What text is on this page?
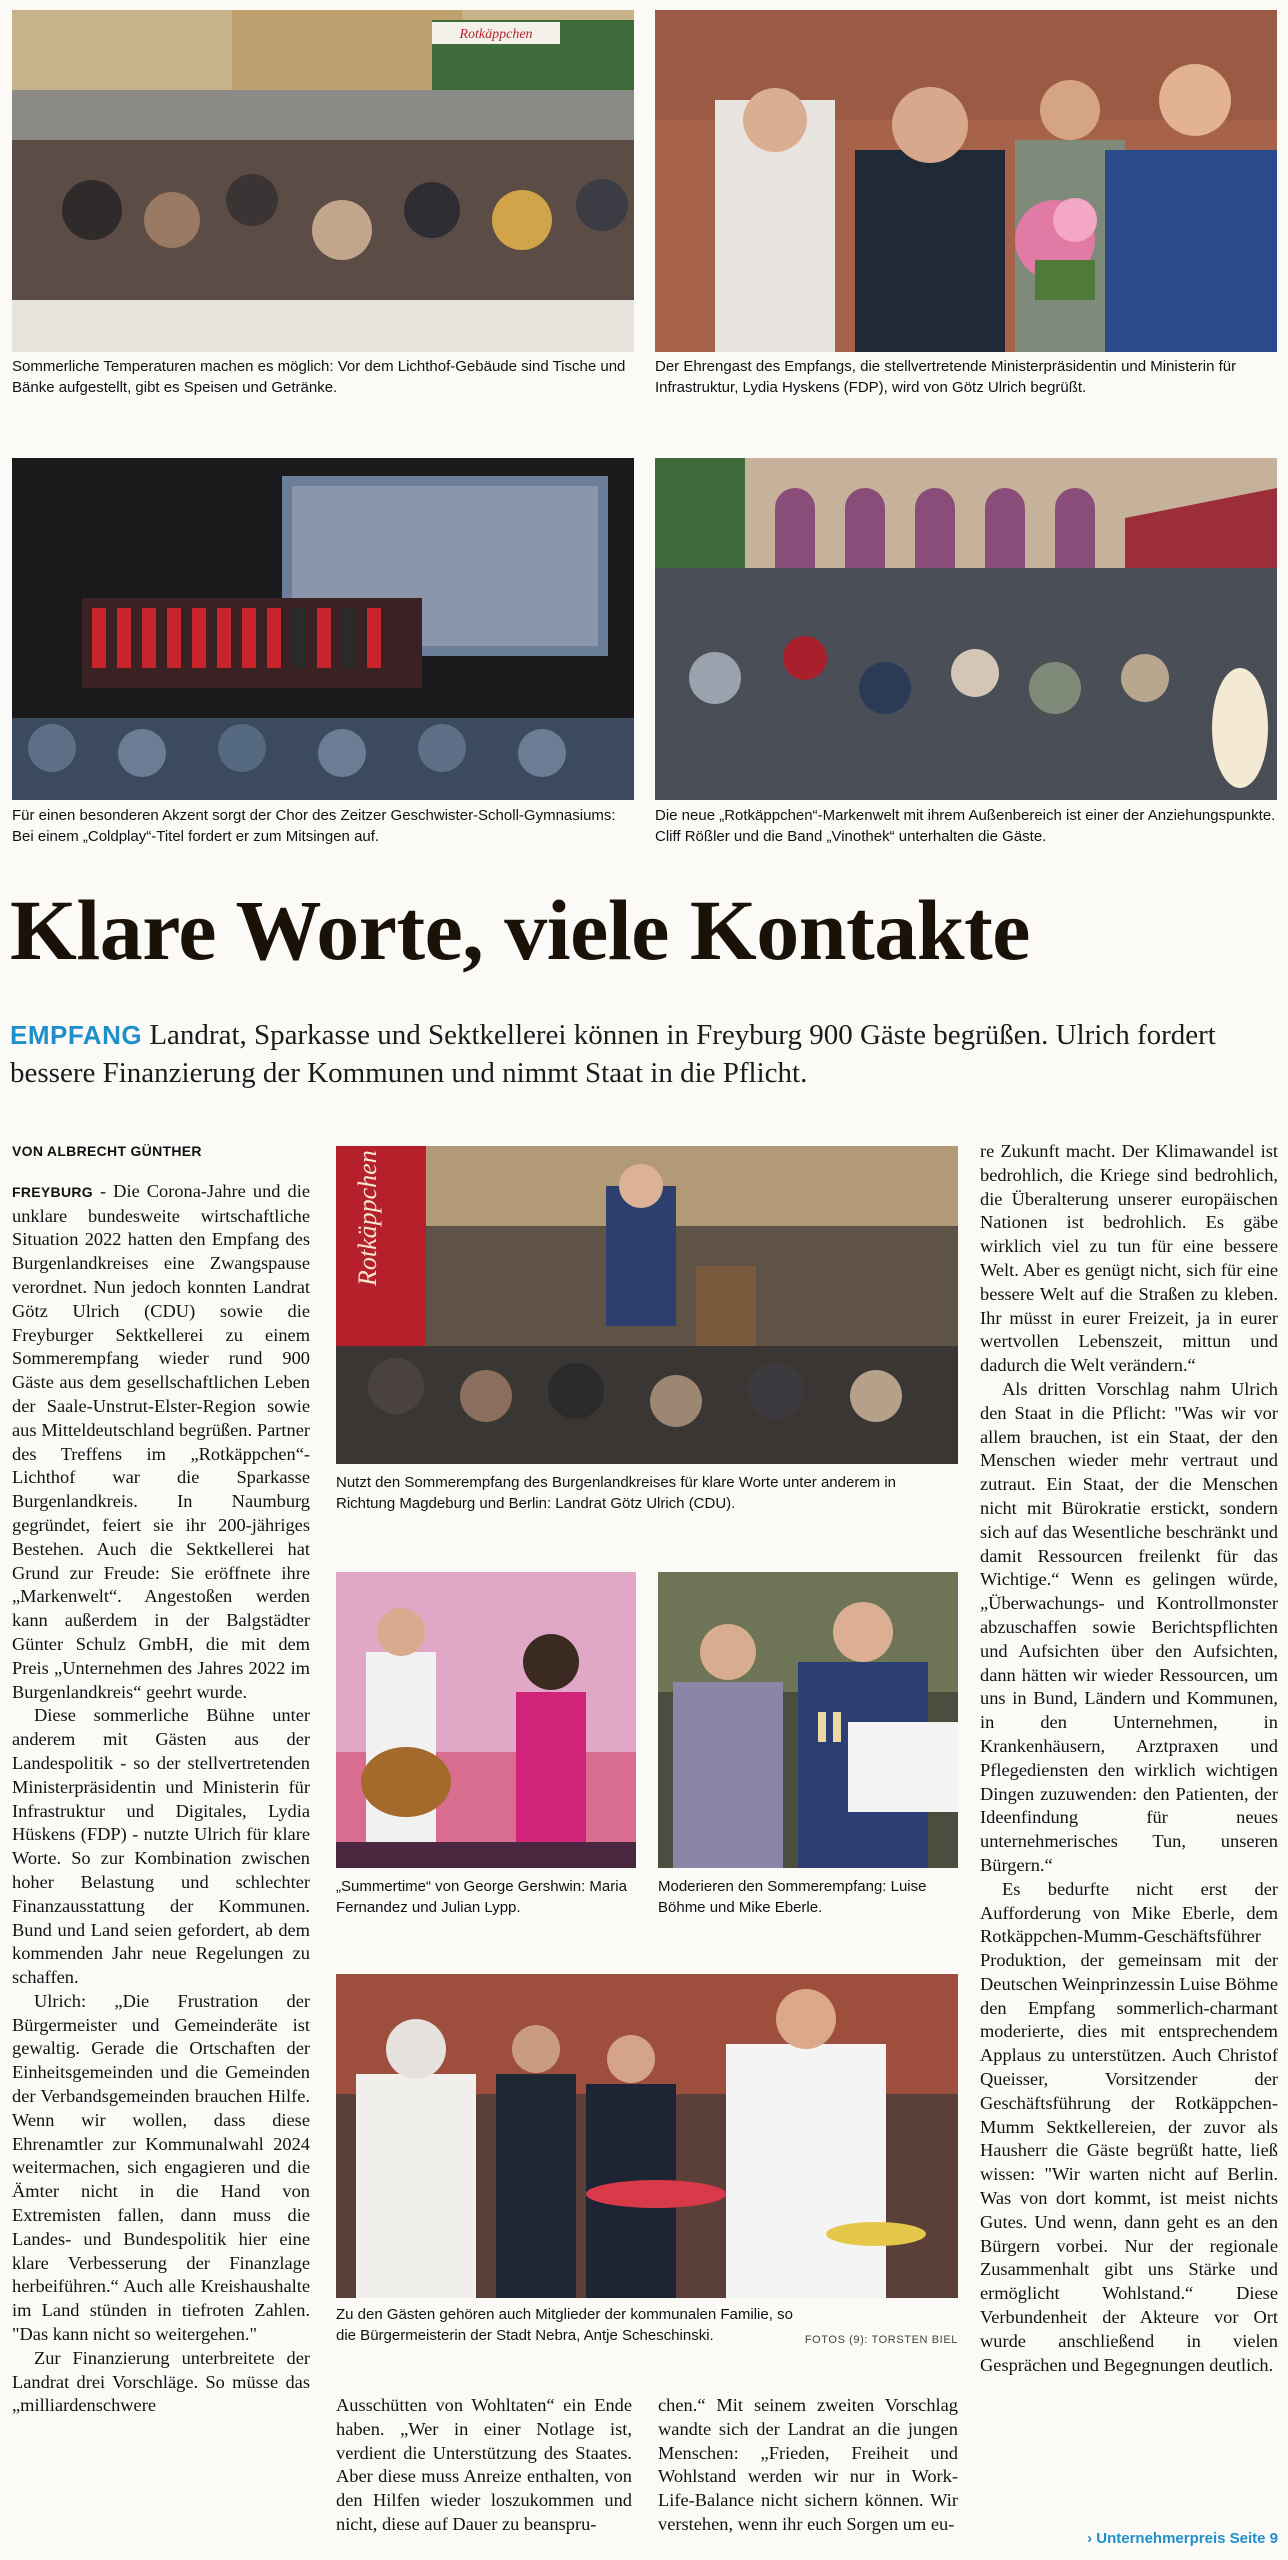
Rotkäppchen
Sommerliche Temperaturen machen es möglich: Vor dem Lichthof-Gebäude sind Tische und Bänke aufgestellt, gibt es Speisen und Getränke.
Der Ehrengast des Empfangs, die stellvertretende Ministerpräsidentin und Ministerin für Infrastruktur, Lydia Hyskens (FDP), wird von Götz Ulrich begrüßt.
Für einen besonderen Akzent sorgt der Chor des Zeitzer Geschwister-Scholl-Gymnasiums: Bei einem „Coldplay“-Titel fordert er zum Mitsingen auf.
Die neue „Rotkäppchen“-Markenwelt mit ihrem Außenbereich ist einer der Anziehungspunkte. Cliff Rößler und die Band „Vinothek“ unterhalten die Gäste.
Klare Worte, viele Kontakte
EMPFANG Landrat, Sparkasse und Sektkellerei können in Freyburg 900 Gäste begrüßen. Ulrich fordert bessere Finanzierung der Kommunen und nimmt Staat in die Pflicht.
VON ALBRECHT GÜNTHER

FREYBURG - Die Corona-Jahre und die unklare bundesweite wirtschaftliche Situation 2022 hatten den Empfang des Burgenlandkreises eine Zwangspause verordnet. Nun jedoch konnten Landrat Götz Ulrich (CDU) sowie die Freyburger Sektkellerei zu einem Sommerempfang wieder rund 900 Gäste aus dem gesellschaftlichen Leben der Saale-Unstrut-Elster-Region sowie aus Mitteldeutschland begrüßen. Partner des Treffens im „Rotkäppchen“-Lichthof war die Sparkasse Burgenlandkreis. In Naumburg gegründet, feiert sie ihr 200-jähriges Bestehen. Auch die Sektkellerei hat Grund zur Freude: Sie eröffnete ihre „Markenwelt“. Angestoßen werden kann außerdem in der Balgstädter Günter Schulz GmbH, die mit dem Preis „Unternehmen des Jahres 2022 im Burgenlandkreis“ geehrt wurde.

Diese sommerliche Bühne unter anderem mit Gästen aus der Landespolitik - so der stellvertretenden Ministerpräsidentin und Ministerin für Infrastruktur und Digitales, Lydia Hüskens (FDP) - nutzte Ulrich für klare Worte. So zur Kombination zwischen hoher Belastung und schlechter Finanzausstattung der Kommunen. Bund und Land seien gefordert, ab dem kommenden Jahr neue Regelungen zu schaffen.

Ulrich: „Die Frustration der Bürgermeister und Gemeinderäte ist gewaltig. Gerade die Ortschaften der Einheitsgemeinden und die Gemeinden der Verbandsgemeinden brauchen Hilfe. Wenn wir wollen, dass diese Ehrenamtler zur Kommunalwahl 2024 weitermachen, sich engagieren und die Ämter nicht in die Hand von Extremisten fallen, dann muss die Landes- und Bundespolitik hier eine klare Verbesserung der Finanzlage herbeiführen.“ Auch alle Kreishaushalte im Land stünden in tiefroten Zahlen. "Das kann nicht so weitergehen."

Zur Finanzierung unterbreitete der Landrat drei Vorschläge. So müsse das „milliardenschwere

Rotkäppchen
Nutzt den Sommerempfang des Burgenlandkreises für klare Worte unter anderem in Richtung Magdeburg und Berlin: Landrat Götz Ulrich (CDU).
„Summertime“ von George Gershwin: Maria Fernandez und Julian Lypp.
Moderieren den Sommerempfang: Luise Böhme und Mike Eberle.
Zu den Gästen gehören auch Mitglieder der kommunalen Familie, so die Bürgermeisterin der Stadt Nebra, Antje Scheschinski.	FOTOS (9): TORSTEN BIEL

Ausschütten von Wohltaten“ ein Ende haben. „Wer in einer Notlage ist, verdient die Unterstützung des Staates. Aber diese muss Anreize enthalten, von den Hilfen wieder loszukommen und nicht, diese auf Dauer zu beanspru-

chen.“ Mit seinem zweiten Vorschlag wandte sich der Landrat an die jungen Menschen: „Frieden, Freiheit und Wohlstand werden wir nur in Work-Life-Balance nicht sichern können. Wir verstehen, wenn ihr euch Sorgen um eu-

re Zukunft macht. Der Klimawandel ist bedrohlich, die Kriege sind bedrohlich, die Überalterung unserer europäischen Nationen ist bedrohlich. Es gäbe wirklich viel zu tun für eine bessere Welt. Aber es genügt nicht, sich für eine bessere Welt auf die Straßen zu kleben. Ihr müsst in eurer Freizeit, ja in eurer wertvollen Lebenszeit, mittun und dadurch die Welt verändern.“

Als dritten Vorschlag nahm Ulrich den Staat in die Pflicht: "Was wir vor allem brauchen, ist ein Staat, der den Menschen wieder mehr vertraut und zutraut. Ein Staat, der die Menschen nicht mit Bürokratie erstickt, sondern sich auf das Wesentliche beschränkt und damit Ressourcen freilenkt für das Wichtige.“ Wenn es gelingen würde, „Überwachungs- und Kontrollmonster abzuschaffen sowie Berichtspflichten und Aufsichten über den Aufsichten, dann hätten wir wieder Ressourcen, um uns in Bund, Ländern und Kommunen, in den Unternehmen, in Krankenhäusern, Arztpraxen und Pflegediensten den wirklich wichtigen Dingen zuzuwenden: den Patienten, der Ideenfindung für neues unternehmerisches Tun, unseren Bürgern.“

Es bedurfte nicht erst der Aufforderung von Mike Eberle, dem Rotkäppchen-Mumm-Geschäftsführer Produktion, der gemeinsam mit der Deutschen Weinprinzessin Luise Böhme den Empfang sommerlich-charmant moderierte, dies mit entsprechendem Applaus zu unterstützen. Auch Christof Queisser, Vorsitzender der Geschäftsführung der Rotkäppchen-Mumm Sektkellereien, der zuvor als Hausherr die Gäste begrüßt hatte, ließ wissen: "Wir warten nicht auf Berlin. Was von dort kommt, ist meist nichts Gutes. Und wenn, dann geht es an den Bürgern vorbei. Nur der regionale Zusammenhalt gibt uns Stärke und ermöglicht Wohlstand.“ Diese Verbundenheit der Akteure vor Ort wurde anschließend in vielen Gesprächen und Begegnungen deutlich.

› Unternehmerpreis Seite 9
